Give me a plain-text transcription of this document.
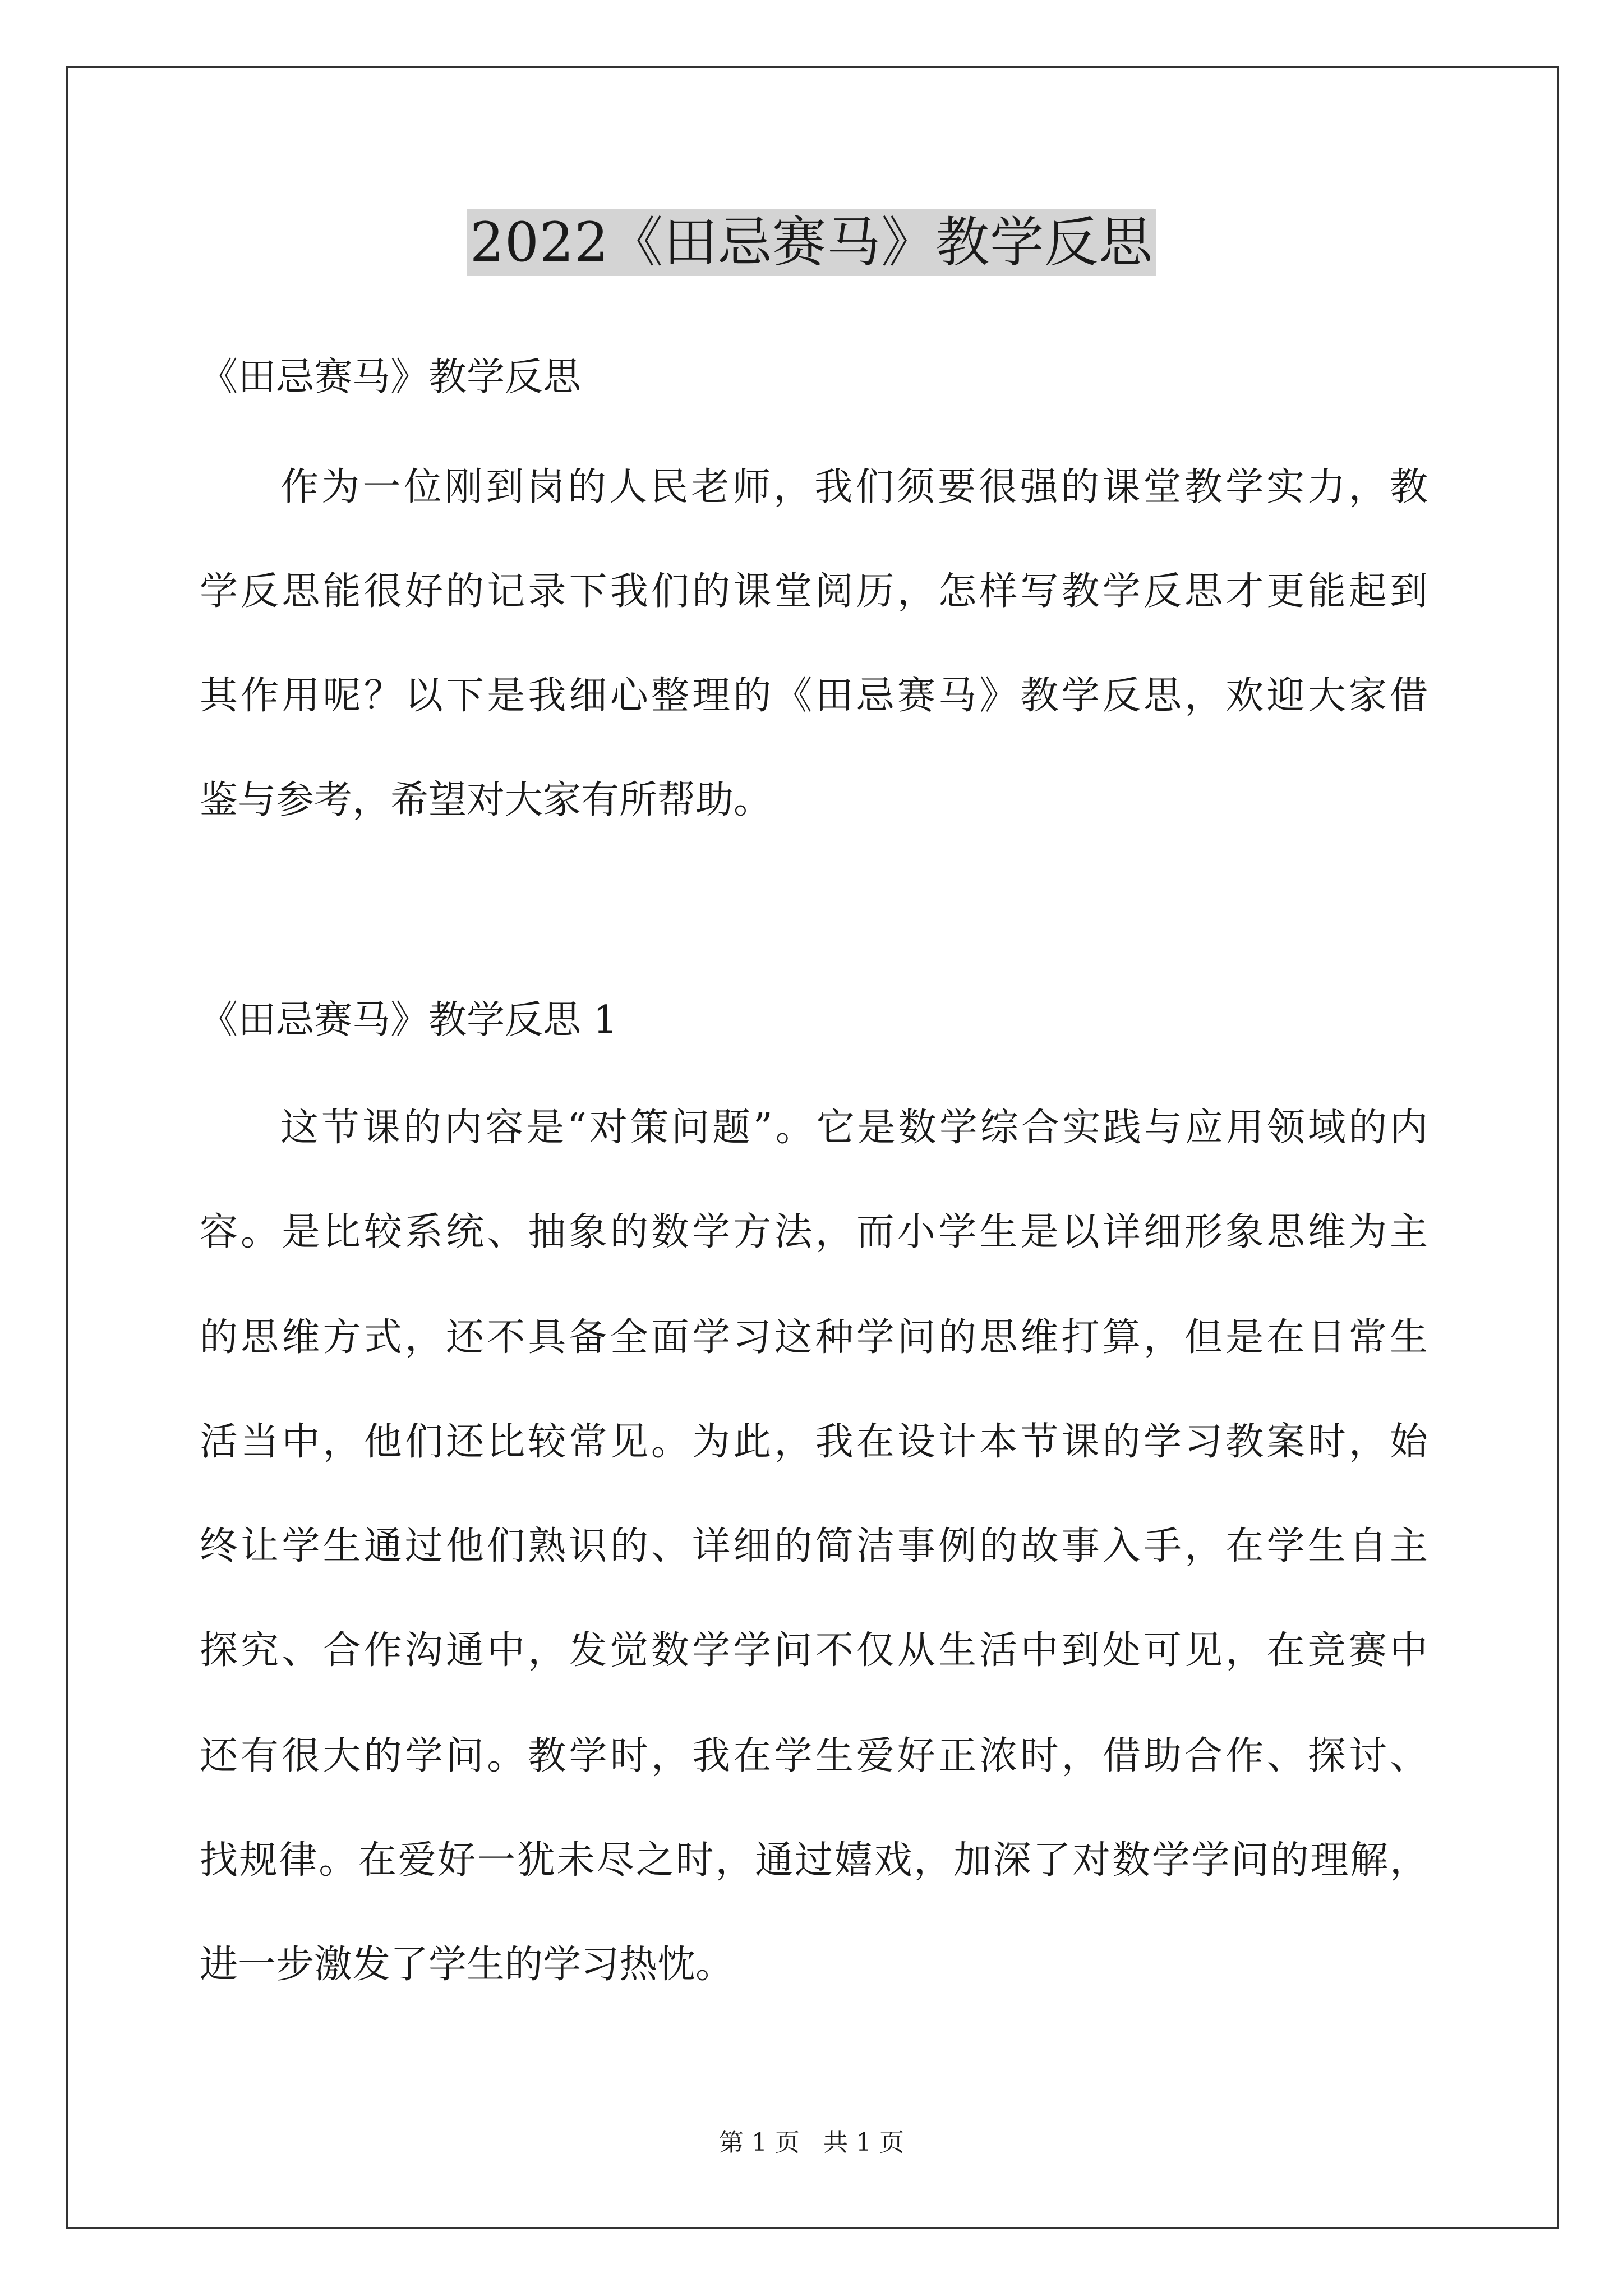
2022《田忌赛马》教学反思
《田忌赛马》教学反思
作为一位刚到岗的人民老师，我们须要很强的课堂教学实力，教
学反思能很好的记录下我们的课堂阅历，怎样写教学反思才更能起到
其作用呢？以下是我细心整理的《田忌赛马》教学反思，欢迎大家借
鉴与参考，希望对大家有所帮助。
《田忌赛马》教学反思 1
这节课的内容是“对策问题”。它是数学综合实践与应用领域的内
容。是比较系统、抽象的数学方法，而小学生是以详细形象思维为主
的思维方式，还不具备全面学习这种学问的思维打算，但是在日常生
活当中，他们还比较常见。为此，我在设计本节课的学习教案时，始
终让学生通过他们熟识的、详细的简洁事例的故事入手，在学生自主
探究、合作沟通中，发觉数学学问不仅从生活中到处可见，在竞赛中
还有很大的学问。教学时，我在学生爱好正浓时，借助合作、探讨、
找规律。在爱好一犹未尽之时，通过嬉戏，加深了对数学学问的理解，
进一步激发了学生的学习热忱。
第 1 页   共 1 页
